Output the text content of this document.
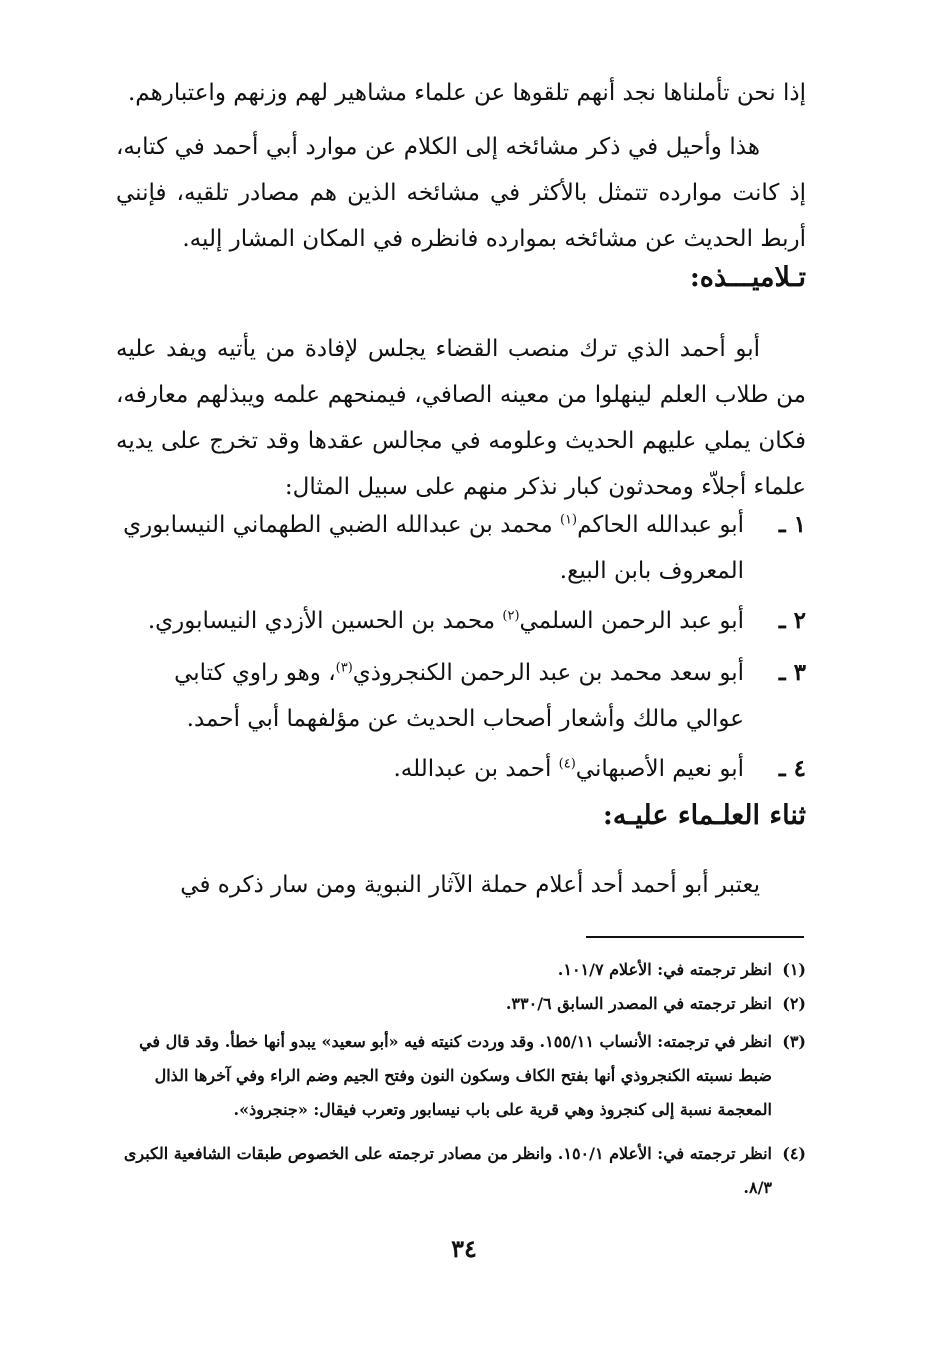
إذا نحن تأملناها نجد أنهم تلقوها عن علماء مشاهير لهم وزنهم واعتبارهم.

هذا وأحيل في ذكر مشائخه إلى الكلام عن موارد أبي أحمد في كتابه، إذ كانت موارده تتمثل بالأكثر في مشائخه الذين هم مصادر تلقيه، فإنني أربط الحديث عن مشائخه بموارده فانظره في المكان المشار إليه.

تـلاميـــذه:

أبو أحمد الذي ترك منصب القضاء يجلس لإفادة من يأتيه ويفد عليه من طلاب العلم لينهلوا من معينه الصافي، فيمنحهم علمه ويبذلهم معارفه، فكان يملي عليهم الحديث وعلومه في مجالس عقدها وقد تخرج على يديه علماء أجلاّء ومحدثون كبار نذكر منهم على سبيل المثال:

١ ـ

أبو عبدالله الحاكم$^{(١)}$ محمد بن عبدالله الضبي الطهماني النيسابوري المعروف بابن البيع.

٢ ـ

أبو عبد الرحمن السلمي$^{(٢)}$ محمد بن الحسين الأزدي النيسابوري.

٣ ـ

أبو سعد محمد بن عبد الرحمن الكنجروذي$^{(٣)}$، وهو راوي كتابي عوالي مالك وأشعار أصحاب الحديث عن مؤلفهما أبي أحمد.

٤ ـ

أبو نعيم الأصبهاني$^{(٤)}$ أحمد بن عبدالله.

ثناء العلـماء عليـه:

يعتبر أبو أحمد أحد أعلام حملة الآثار النبوية ومن سار ذكره في

(١)

انظر ترجمته في: الأعلام ١٠١/٧.

(٢)

انظر ترجمته في المصدر السابق ٣٣٠/٦.

(٣)

انظر في ترجمته: الأنساب ١٥٥/١١. وقد وردت كنيته فيه «أبو سعيد» يبدو أنها خطأ. وقد قال في ضبط نسبته الكنجروذي أنها بفتح الكاف وسكون النون وفتح الجيم وضم الراء وفي آخرها الذال المعجمة نسبة إلى كنجروذ وهي قرية على باب نيسابور وتعرب فيقال: «جنجروذ».

(٤)

انظر ترجمته في: الأعلام ١٥٠/١. وانظر من مصادر ترجمته على الخصوص طبقات الشافعية الكبرى ٨/٣.

٣٤
